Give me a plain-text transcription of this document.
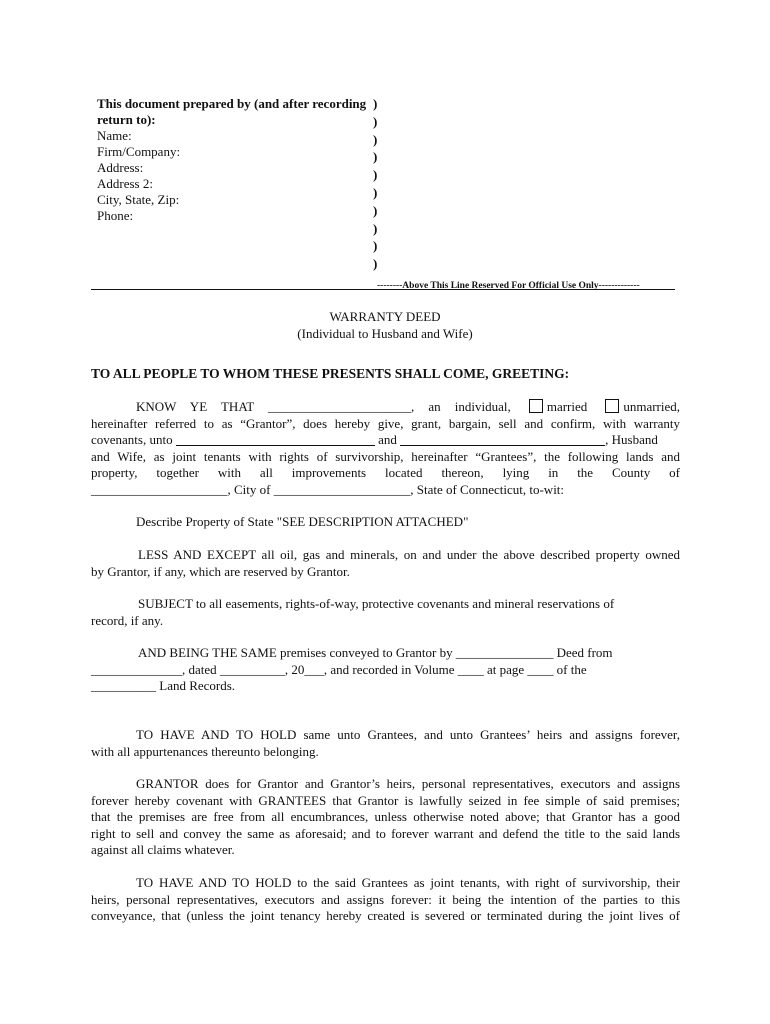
This document prepared by (and after recording
return to):
Name:
Firm/Company:
Address:
Address 2:
City, State, Zip:
Phone:
)
)
)
)
)
)
)
)
)
)
--------Above This Line Reserved For Official Use Only-------------
WARRANTY DEED
(Individual to Husband and Wife)
TO ALL PEOPLE TO WHOM THESE PRESENTS SHALL COME, GREETING:
KNOW YE THAT ______________________, an individual,	married	unmarried,
hereinafter referred to as “Grantor”, does hereby give, grant, bargain, sell and confirm, with warranty
covenants, unto	and	, Husband
and Wife, as joint tenants with rights of survivorship, hereinafter “Grantees”, the following lands and
property, together with all improvements located thereon, lying in the County of
_____________________, City of _____________________, State of Connecticut, to-wit:
Describe Property of State "SEE DESCRIPTION ATTACHED"
LESS AND EXCEPT all oil, gas and minerals, on and under the above described property owned
by Grantor, if any, which are reserved by Grantor.
SUBJECT to all easements, rights-of-way, protective covenants and mineral reservations of
record, if any.
AND BEING THE SAME premises conveyed to Grantor by _______________ Deed from
______________, dated __________, 20___, and recorded in Volume ____ at page ____ of the
__________ Land Records.
TO HAVE AND TO HOLD same unto Grantees, and unto Grantees’ heirs and assigns forever,
with all appurtenances thereunto belonging.
GRANTOR does for Grantor and Grantor’s heirs, personal representatives, executors and assigns
forever hereby covenant with GRANTEES that Grantor is lawfully seized in fee simple of said premises;
that the premises are free from all encumbrances, unless otherwise noted above; that Grantor has a good
right to sell and convey the same as aforesaid; and to forever warrant and defend the title to the said lands
against all claims whatever.
TO HAVE AND TO HOLD to the said Grantees as joint tenants, with right of survivorship, their
heirs, personal representatives, executors and assigns forever: it being the intention of the parties to this
conveyance, that (unless the joint tenancy hereby created is severed or terminated during the joint lives of
